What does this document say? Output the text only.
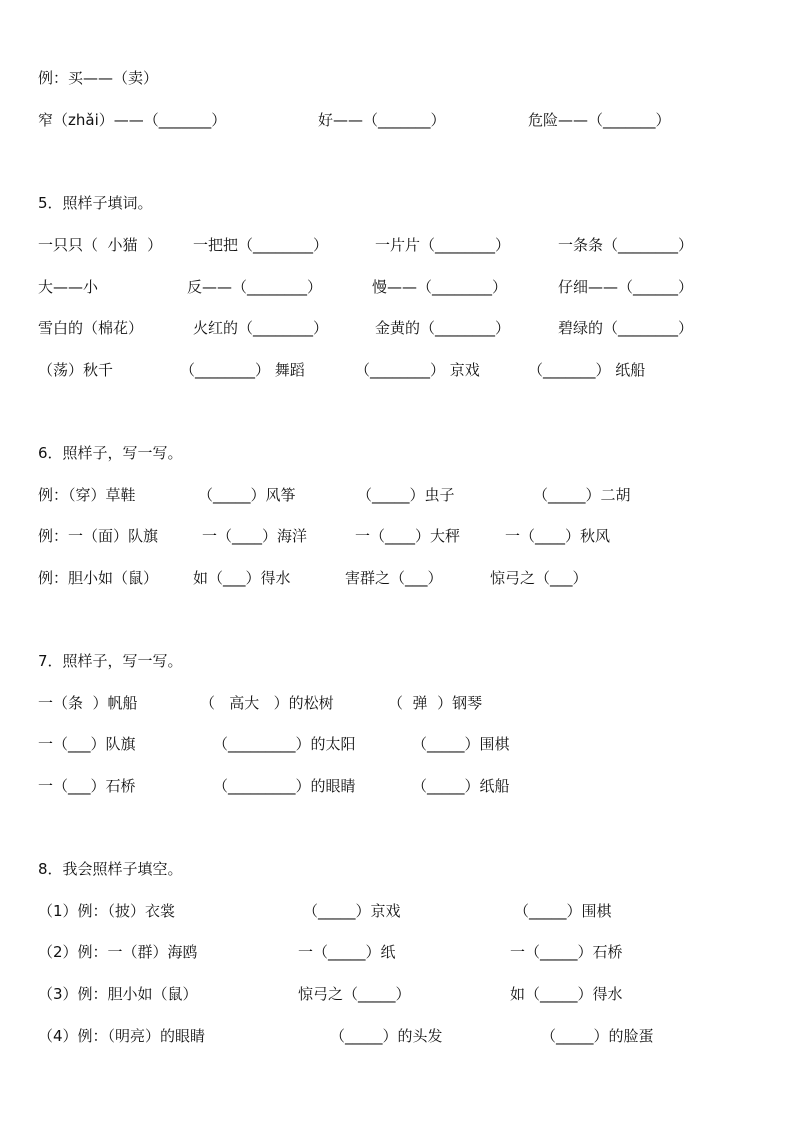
例：买——（卖）
窄（zhǎi）——（_______）	好——（_______）	危险——（_______）
5．照样子填词。
一只只（  小猫  ） 一把把（________）	一片片（________）	一条条（________）
大——小	反——（________）	慢——（________）	仔细——（______）
雪白的（棉花）	火红的（________）	金黄的（________）	碧绿的（________）
（荡）秋千	（________） 舞蹈	（________） 京戏	（_______） 纸船
6．照样子，写一写。
例：（穿）草鞋	（_____）风筝	（_____）虫子	（_____）二胡
例：一（面）队旗	一（____）海洋	一（____）大秤	一（____）秋风
例：胆小如（鼠） 如（___）得水	害群之（___）	惊弓之（___）
7．照样子，写一写。
一（条  ）帆船	（   高大   ）的松树	（  弹  ）钢琴
一（___）队旗	（_________）的太阳	（_____）围棋
一（___）石桥	（_________）的眼睛	（_____）纸船
8．我会照样子填空。
（1）例：（披）衣裳	（_____）京戏	（_____）围棋
（2）例：一（群）海鸥	一（_____）纸	一（_____）石桥
（3）例：胆小如（鼠）	惊弓之（_____）	如（_____）得水
（4）例：（明亮）的眼睛	（_____）的头发	（_____）的脸蛋
